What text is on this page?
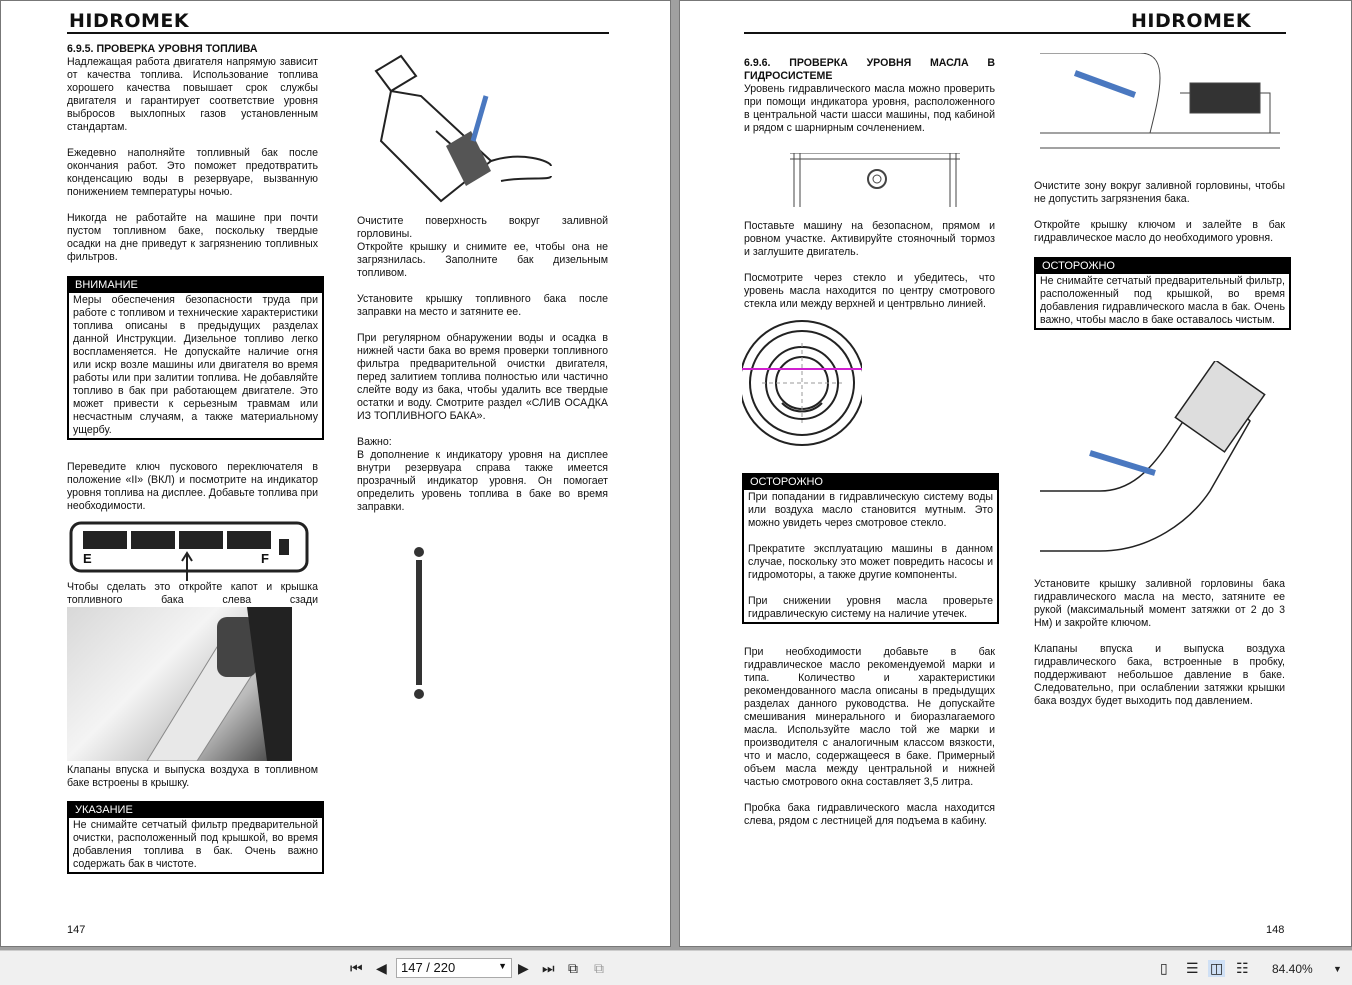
HIDROMEK

6.9.5. ПРОВЕРКА УРОВНЯ ТОПЛИВА

Надлежащая работа двигателя напрямую зависит от качества топлива. Использование топлива хорошего качества повышает срок службы двигателя и гарантирует соответствие уровня выбросов выхлопных газов установленным стандартам.

Ежедевно наполняйте топливный бак после окончания работ. Это поможет предотвратить конденсацию воды в резервуаре, вызванную понижением температуры ночью.

Никогда не работайте на машине при почти пустом топливном баке, поскольку твердые осадки на дне приведут к загрязнению топливных фильтров.

ВНИМАНИЕ

Меры обеспечения безопасности труда при работе с топливом и технические характеристики топлива описаны в предыдущих разделах данной Инструкции. Дизельное топливо легко воспламеняется. Не допускайте наличие огня или искр возле машины или двигателя во время работы или при залитии топлива. Не добавляйте топливо в бак при работающем двигателе. Это может привести к серьезным травмам или несчастным случаям, а также материальному ущербу.

Переведите ключ пускового переключателя в положение «II» (ВКЛ) и посмотрите на индикатор уровня топлива на дисплее. Добавьте топлива при необходимости.
E	F
Чтобы сделать это откройте капот и крышка топливного бака слева сзади
Клапаны впуска и выпуска воздуха в топливном баке встроены в крышку.
УКАЗАНИЕ

Не снимайте сетчатый фильтр предварительной очистки, расположенный под крышкой, во время добавления топлива в бак. Очень важно содержать бак в чистоте.

Очистите поверхность вокруг заливной горловины.

Откройте крышку и снимите ее, чтобы она не загрязнилась. Заполните бак дизельным топливом.

Установите крышку топливного бака после заправки на место и затяните ее.

При регулярном обнаружении воды и осадка в нижней части бака во время проверки топливного фильтра предварительной очистки двигателя, перед залитием топлива полностью или частично слейте воду из бака, чтобы удалить все твердые остатки и воду. Смотрите раздел «СЛИВ ОСАДКА ИЗ ТОПЛИВНОГО БАКА».

Важно:

В дополнение к индикатору уровня на дисплее внутри резервуара справа также имеется прозрачный индикатор уровня. Он помогает определить уровень топлива в баке во время заправки.

147
HIDROMEK

6.9.6. ПРОВЕРКА УРОВНЯ МАСЛА В ГИДРОСИСТЕМЕ

Уровень гидравлического масла можно проверить при помощи индикатора уровня, расположенного в центральной части шасси машины, под кабиной и рядом с шарнирным сочленением.

Поставьте машину на безопасном, прямом и ровном участке. Активируйте стояночный тормоз и заглушите двигатель.

Посмотрите через стекло и убедитесь, что уровень масла находится по центру смотрового стекла или между верхней и центрвльно линией.

ОСТОРОЖНО

При попадании в гидравлическую систему воды или воздуха масло становится мутным. Это можно увидеть через смотровое стекло.

Прекратите эксплуатацию машины в данном случае, поскольку это может повредить насосы и гидромоторы, а также другие компоненты.

При снижении уровня масла проверьте гидравлическую систему на наличие утечек.

При необходимости добавьте в бак гидравлическое масло рекомендуемой марки и типа. Количество и характеристики рекомендованного масла описаны в предыдущих разделах данного руководства. Не допускайте смешивания минерального и биоразлагаемого масла. Используйте масло той же марки и производителя с аналогичным классом вязкости, что и масло, содержащееся в баке. Примерный объем масла между центральной и нижней частью смотрового окна составляет 3,5 литра.

Пробка бака гидравлического масла находится слева, рядом с лестницей для подъема в кабину.

Очистите зону вокруг заливной горловины, чтобы не допустить загрязнения бака.

Откройте крышку ключом и залейте в бак гидравлическое масло до необходимого уровня.

ОСТОРОЖНО

Не снимайте сетчатый предварительный фильтр, расположенный под крышкой, во время добавления гидравлического масла в бак. Очень важно, чтобы масло в баке оставалось чистым.

Установите крышку заливной горловины бака гидравлического масла на место, затяните ее рукой (максимальный момент затяжки от 2 до 3 Нм) и закройте ключом.

Клапаны впуска и выпуска воздуха гидравлического бака, встроенные в пробку, поддерживают небольшое давление в баке. Следовательно, при ослаблении затяжки крышки бака воздух будет выходить под давлением.

148
⏮ ◀	▶ ⏭ ⧉ ⧉	▯ ☰ ◫ ☷ 84.40% ▼
147 / 220	▼
